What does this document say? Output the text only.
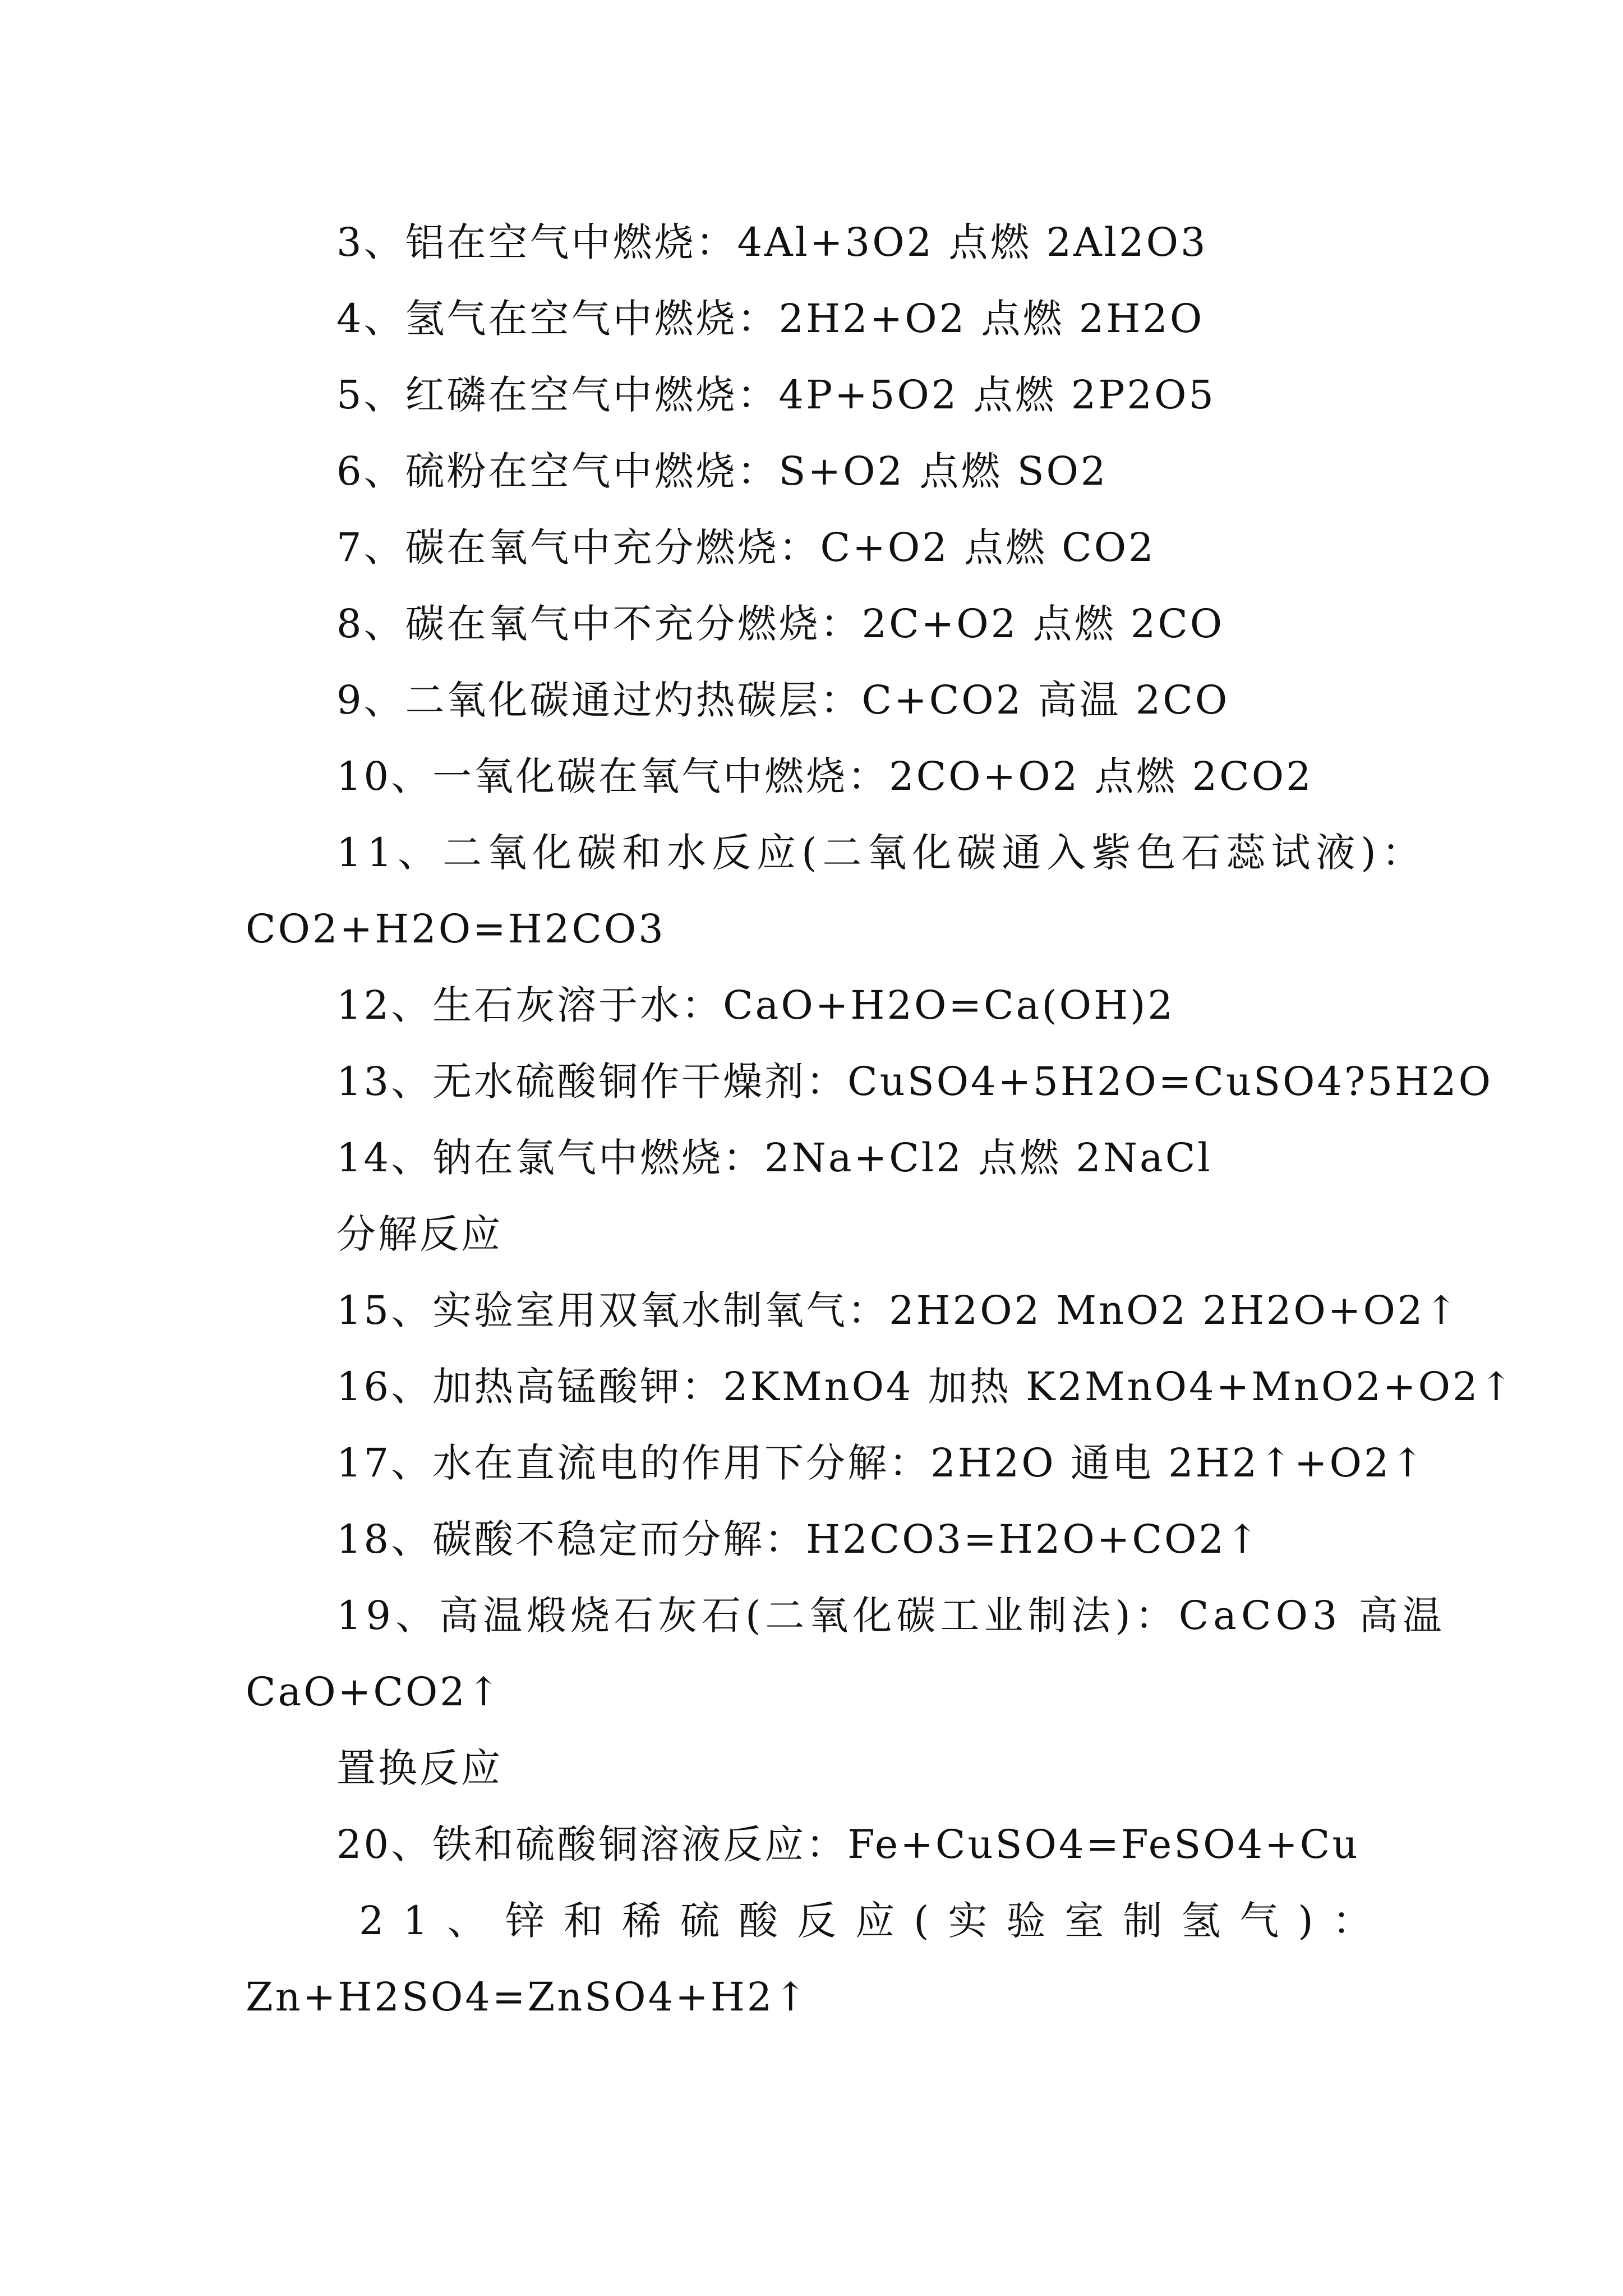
3、铝在空气中燃烧：4Al+3O2 点燃 2Al2O3
4、氢气在空气中燃烧：2H2+O2 点燃 2H2O
5、红磷在空气中燃烧：4P+5O2 点燃 2P2O5
6、硫粉在空气中燃烧：S+O2 点燃 SO2
7、碳在氧气中充分燃烧：C+O2 点燃 CO2
8、碳在氧气中不充分燃烧：2C+O2 点燃 2CO
9、二氧化碳通过灼热碳层：C+CO2 高温 2CO
10、一氧化碳在氧气中燃烧：2CO+O2 点燃 2CO2
11、二氧化碳和水反应(二氧化碳通入紫色石蕊试液)：
CO2+H2O=H2CO3
12、生石灰溶于水：CaO+H2O=Ca(OH)2
13、无水硫酸铜作干燥剂：CuSO4+5H2O=CuSO4?5H2O
14、钠在氯气中燃烧：2Na+Cl2 点燃 2NaCl
分解反应
15、实验室用双氧水制氧气：2H2O2 MnO2 2H2O+O2↑
16、加热高锰酸钾：2KMnO4 加热 K2MnO4+MnO2+O2↑
17、水在直流电的作用下分解：2H2O 通电 2H2↑+O2↑
18、碳酸不稳定而分解：H2CO3=H2O+CO2↑
19、高温煅烧石灰石(二氧化碳工业制法)：CaCO3 高温
CaO+CO2↑
置换反应
20、铁和硫酸铜溶液反应：Fe+CuSO4=FeSO4+Cu
21、锌和稀硫酸反应(实验室制氢气)：
Zn+H2SO4=ZnSO4+H2↑
